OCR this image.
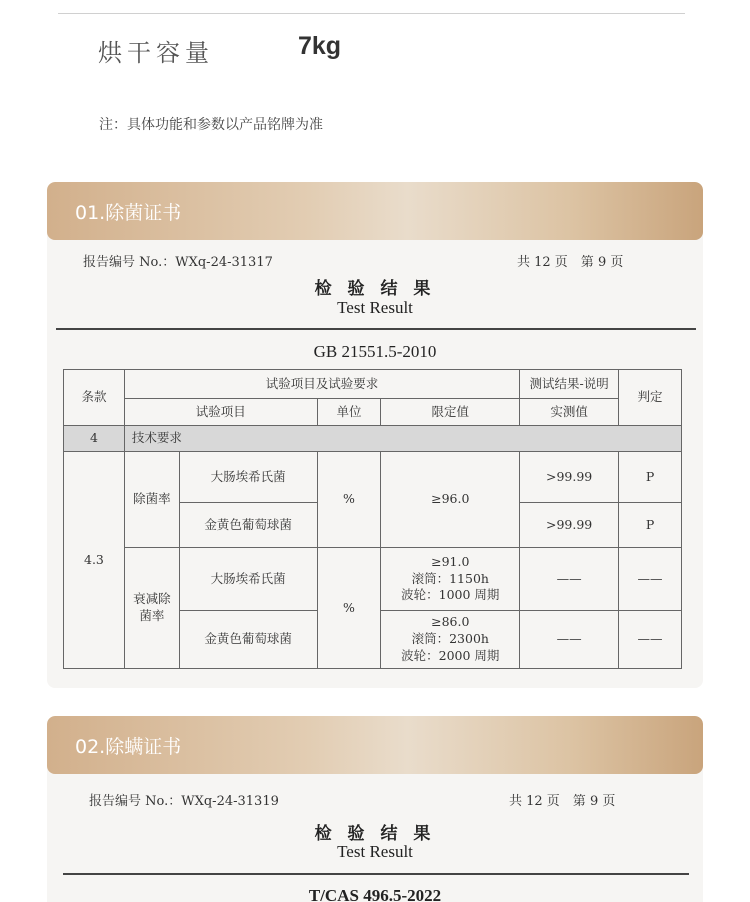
烘干容量	7kg
注：具体功能和参数以产品铭牌为准
01.除菌证书
报告编号 No.：WXq-24-31317	共 12 页　第 9 页
检 验 结 果
Test Result
GB 21551.5-2010
条款	试验项目及试验要求				测试结果-说明	判定
	试验项目		单位	限定值	实测值	
4	技术要求					
4.3	除菌率	大肠埃希氏菌	%	≥96.0	>99.99	P
		金黄色葡萄球菌			>99.99	P
	衰减除菌率	大肠埃希氏菌	%	≥91.0
滚筒：1150h
波轮：1000 周期	——	——
		金黄色葡萄球菌		≥86.0
滚筒：2300h
波轮：2000 周期	——	——
02.除螨证书
报告编号 No.：WXq-24-31319	共 12 页　第 9 页
检 验 结 果
Test Result
T/CAS 496.5-2022
